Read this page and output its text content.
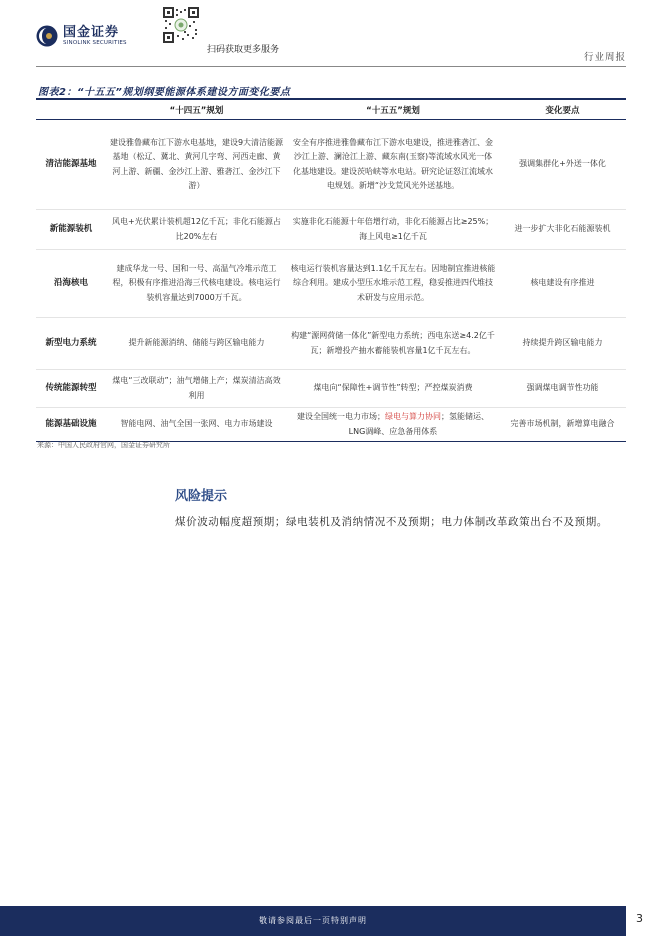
国金证券
SINOLINK SECURITIES
扫码获取更多服务
行业周报
图表2：“十五五”规划纲要能源体系建设方面变化要点
	“十四五”规划	“十五五”规划	变化要点
清洁能源基地	建设雅鲁藏布江下游水电基地，建设9大清洁能源基地（松辽、冀北、黄河几字弯、河西走廊、黄河上游、新疆、金沙江上游、雅砻江、金沙江下游）	安全有序推进雅鲁藏布江下游水电建设，推进雅砻江、金沙江上游、澜沧江上游、藏东南(玉察)等流域水风光一体化基地建设。建设茨哈峡等水电站。研究论证怒江流域水电规划。新增“沙戈荒风光外送基地。	强调集群化+外送一体化
新能源装机	风电+光伏累计装机超12亿千瓦；非化石能源占比20%左右	实施非化石能源十年倍增行动，非化石能源占比≥25%；海上风电≥1亿千瓦	进一步扩大非化石能源装机
沿海核电	建成华龙一号、国和一号、高温气冷堆示范工程，积极有序推进沿海三代核电建设。核电运行装机容量达到7000万千瓦。	核电运行装机容量达到1.1亿千瓦左右。因地制宜推进核能综合利用。建成小型压水堆示范工程，稳妥推进四代堆技术研发与应用示范。	核电建设有序推进
新型电力系统	提升新能源消纳、储能与跨区输电能力	构建“源网荷储一体化”新型电力系统；西电东送≥4.2亿千瓦；新增投产抽水蓄能装机容量1亿千瓦左右。	持续提升跨区输电能力
传统能源转型	煤电“三改联动”；油气增储上产；煤炭清洁高效利用	煤电向“保障性+调节性”转型；严控煤炭消费	强调煤电调节性功能
能源基础设施	智能电网、油气全国一张网、电力市场建设	建设全国统一电力市场；绿电与算力协同；氢能储运、LNG调峰、应急备用体系	完善市场机制，新增算电融合
来源：中国人民政府官网，国金证券研究所
风险提示
煤价波动幅度超预期；绿电装机及消纳情况不及预期；电力体制改革政策出台不及预期。
敬请参阅最后一页特别声明	3
